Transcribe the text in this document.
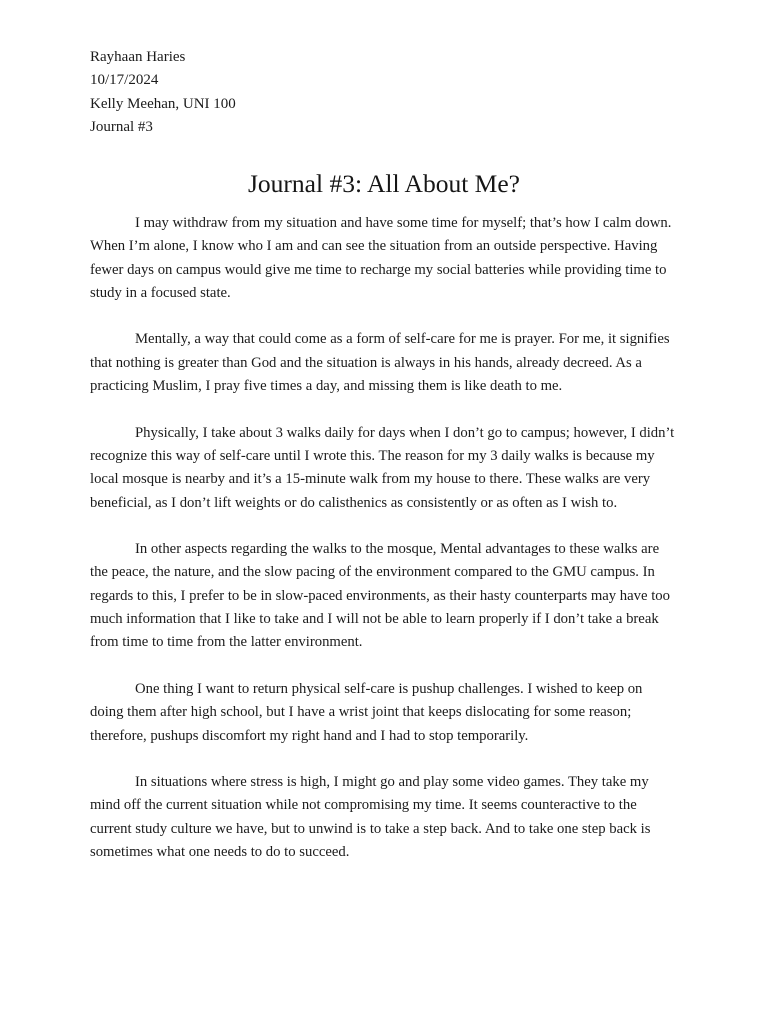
Rayhaan Haries
10/17/2024
Kelly Meehan, UNI 100
Journal #3
Journal #3: All About Me?

I may withdraw from my situation and have some time for myself; that’s how I calm down. When I’m alone, I know who I am and can see the situation from an outside perspective. Having fewer days on campus would give me time to recharge my social batteries while providing time to study in a focused state.

Mentally, a way that could come as a form of self-care for me is prayer. For me, it signifies that nothing is greater than God and the situation is always in his hands, already decreed. As a practicing Muslim, I pray five times a day, and missing them is like death to me.

Physically, I take about 3 walks daily for days when I don’t go to campus; however, I didn’t recognize this way of self-care until I wrote this. The reason for my 3 daily walks is because my local mosque is nearby and it’s a 15-minute walk from my house to there. These walks are very beneficial, as I don’t lift weights or do calisthenics as consistently or as often as I wish to.

In other aspects regarding the walks to the mosque, Mental advantages to these walks are the peace, the nature, and the slow pacing of the environment compared to the GMU campus. In regards to this, I prefer to be in slow-paced environments, as their hasty counterparts may have too much information that I like to take and I will not be able to learn properly if I don’t take a break from time to time from the latter environment.

One thing I want to return physical self-care is pushup challenges. I wished to keep on doing them after high school, but I have a wrist joint that keeps dislocating for some reason; therefore, pushups discomfort my right hand and I had to stop temporarily.

In situations where stress is high, I might go and play some video games. They take my mind off the current situation while not compromising my time. It seems counteractive to the current study culture we have, but to unwind is to take a step back. And to take one step back is sometimes what one needs to do to succeed.
